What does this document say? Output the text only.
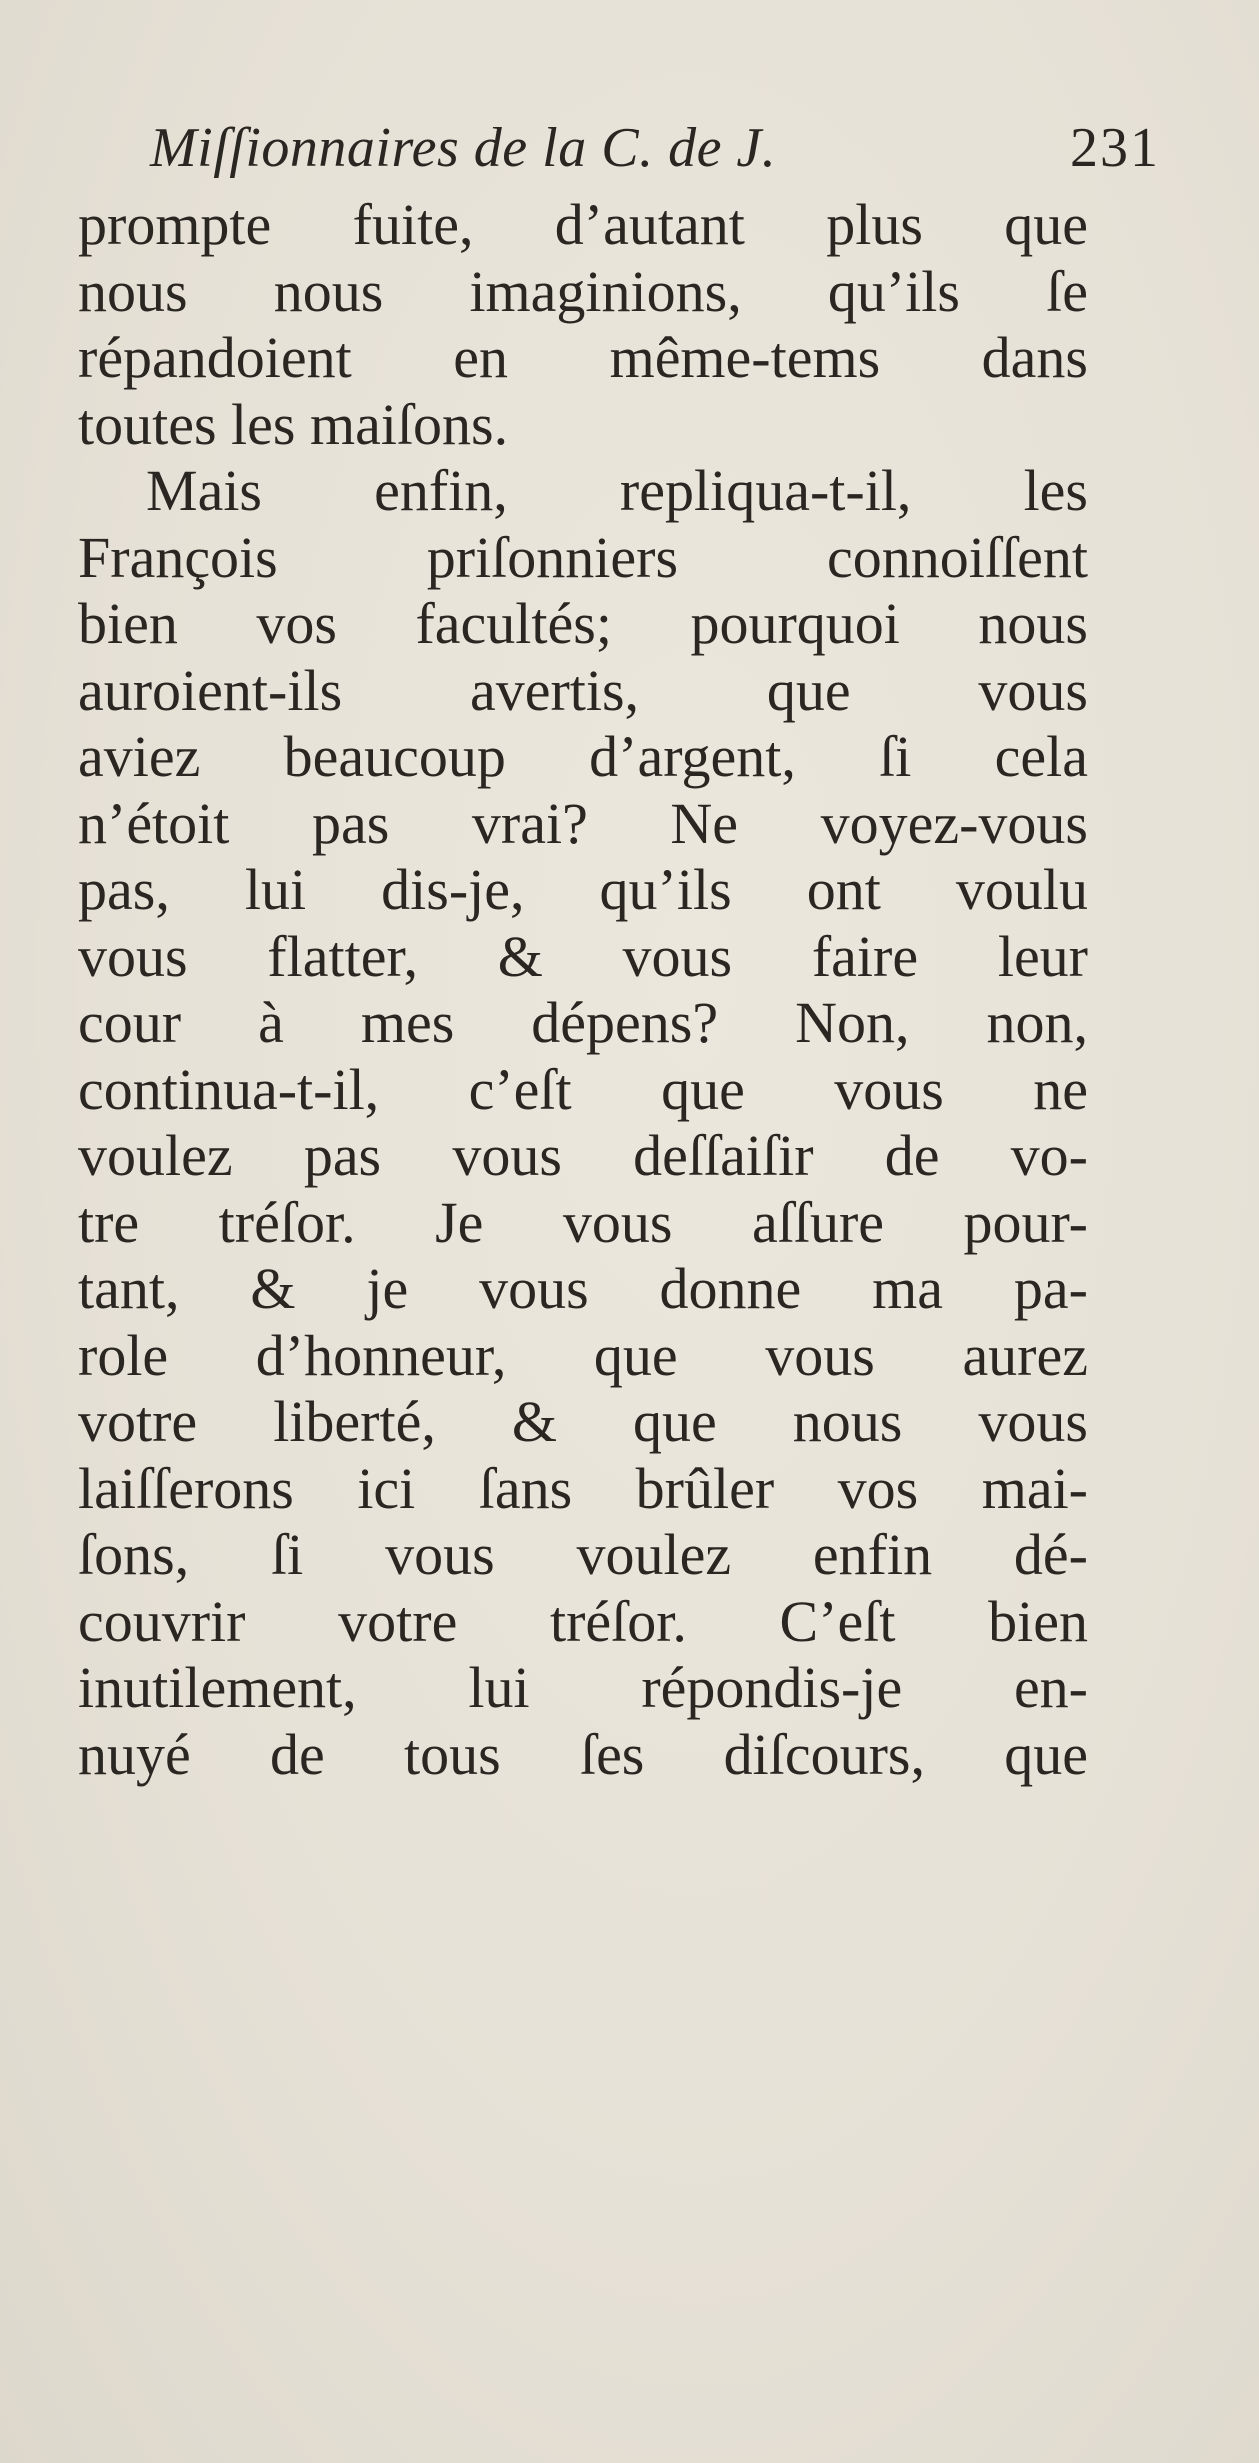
Miſſionnaires de la C. de J.	231
prompte fuite, d’autant plus que
nous nous imaginions, qu’ils ſe
répandoient en même-tems dans
toutes les maiſons.
Mais enfin, repliqua-t-il, les
François priſonniers connoiſſent
bien vos facultés; pourquoi nous
auroient-ils avertis, que vous
aviez beaucoup d’argent, ſi cela
n’étoit pas vrai? Ne voyez-vous
pas, lui dis-je, qu’ils ont voulu
vous flatter, & vous faire leur
cour à mes dépens? Non, non,
continua-t-il, c’eſt que vous ne
voulez pas vous deſſaiſir de vo-
tre tréſor. Je vous aſſure pour-
tant, & je vous donne ma pa-
role d’honneur, que vous aurez
votre liberté, & que nous vous
laiſſerons ici ſans brûler vos mai-
ſons, ſi vous voulez enfin dé-
couvrir votre tréſor. C’eſt bien
inutilement, lui répondis-je en-
nuyé de tous ſes diſcours, que
